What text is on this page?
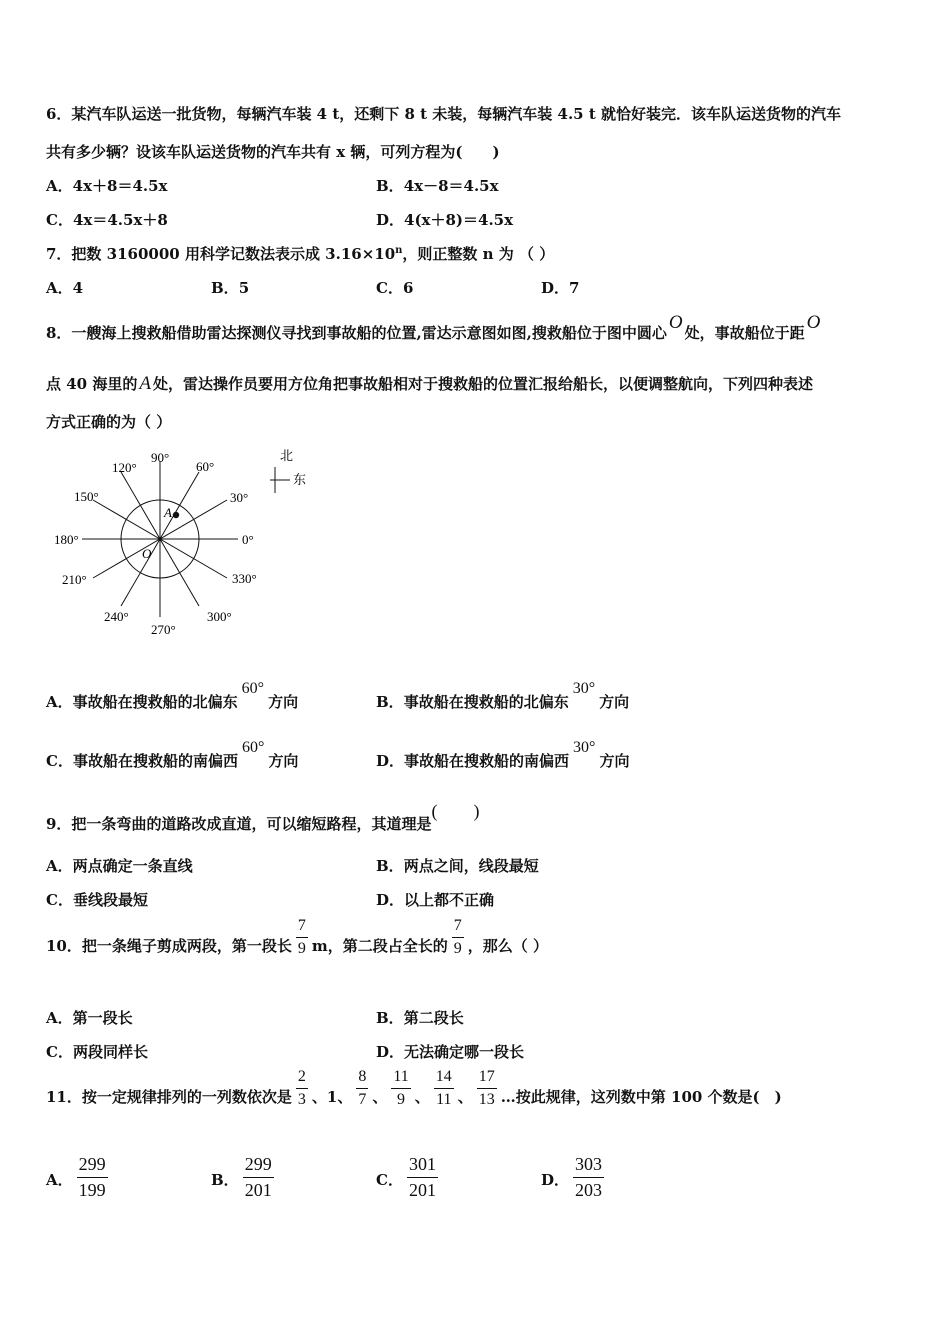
6．某汽车队运送一批货物，每辆汽车装 4 t，还剩下 8 t 未装，每辆汽车装 4.5 t 就恰好装完．该车队运送货物的汽车
共有多少辆？设该车队运送货物的汽车共有 x 辆，可列方程为(　　)
A．4x＋8＝4.5x	B．4x－8＝4.5x
C．4x＝4.5x＋8	D．4(x＋8)＝4.5x
7．把数 3160000 用科学记数法表示成 $3.16\times 10^n$，则正整数 n 为 （ ）
A．4	B．5	C．6	D．7
8．一艘海上搜救船借助雷达探测仪寻找到事故船的位置,雷达示意图如图,搜救船位于图中圆心 O 处，事故船位于距 O
点 40 海里的 A 处，雷达操作员要用方位角把事故船相对于搜救船的位置汇报给船长，以便调整航向，下列四种表述
方式正确的为（ ）
A
O
90°
60°
30°
0°
330°
300°
270°
240°
210°
180°
150°
120°
北
东
A．事故船在搜救船的北偏东60°方向	B．事故船在搜救船的北偏东30°方向
C．事故船在搜救船的南偏西60°方向	D．事故船在搜救船的南偏西30°方向
9．把一条弯曲的道路改成直道，可以缩短路程，其道理是(　　)
A．两点确定一条直线	B．两点之间，线段最短
C．垂线段最短	D．以上都不正确
10．把一条绳子剪成两段，第一段长 $\frac{7}{9}$ m，第二段占全长的 $\frac{7}{9}$ ，那么（ ）
A．第一段长	B．第二段长
C．两段同样长	D．无法确定哪一段长
11．按一定规律排列的一列数依次是 $\frac{2}{3}$ 、1、 $\frac{8}{7}$ 、 $\frac{11}{9}$ 、 $\frac{14}{11}$ 、 $\frac{17}{13}$ …按此规律，这列数中第 100 个数是(　)
A． $\frac{299}{199}$	B． $\frac{299}{201}$	C． $\frac{301}{201}$	D． $\frac{303}{203}$
